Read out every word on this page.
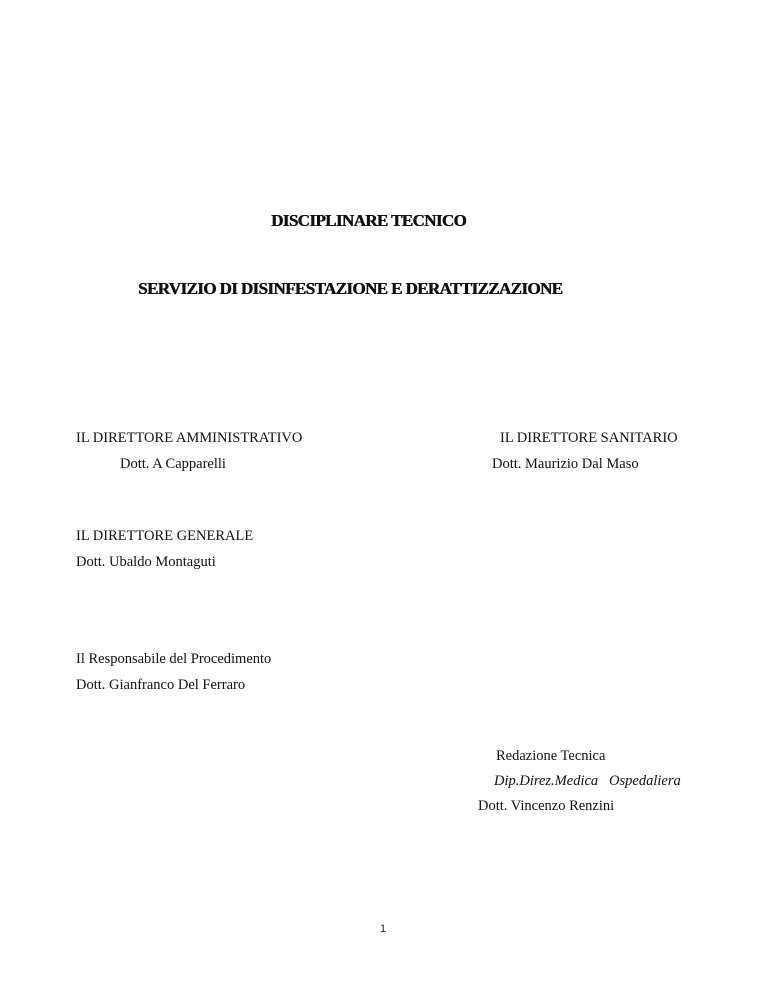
DISCIPLINARE TECNICO
SERVIZIO DI DISINFESTAZIONE E DERATTIZZAZIONE
IL DIRETTORE AMMINISTRATIVO
Dott. A Capparelli
IL DIRETTORE SANITARIO
Dott. Maurizio Dal Maso
IL DIRETTORE GENERALE
Dott. Ubaldo Montaguti
Il Responsabile del Procedimento
Dott. Gianfranco Del Ferraro
Redazione Tecnica
Dip.Direz.Medica   Ospedaliera
Dott. Vincenzo Renzini
1
